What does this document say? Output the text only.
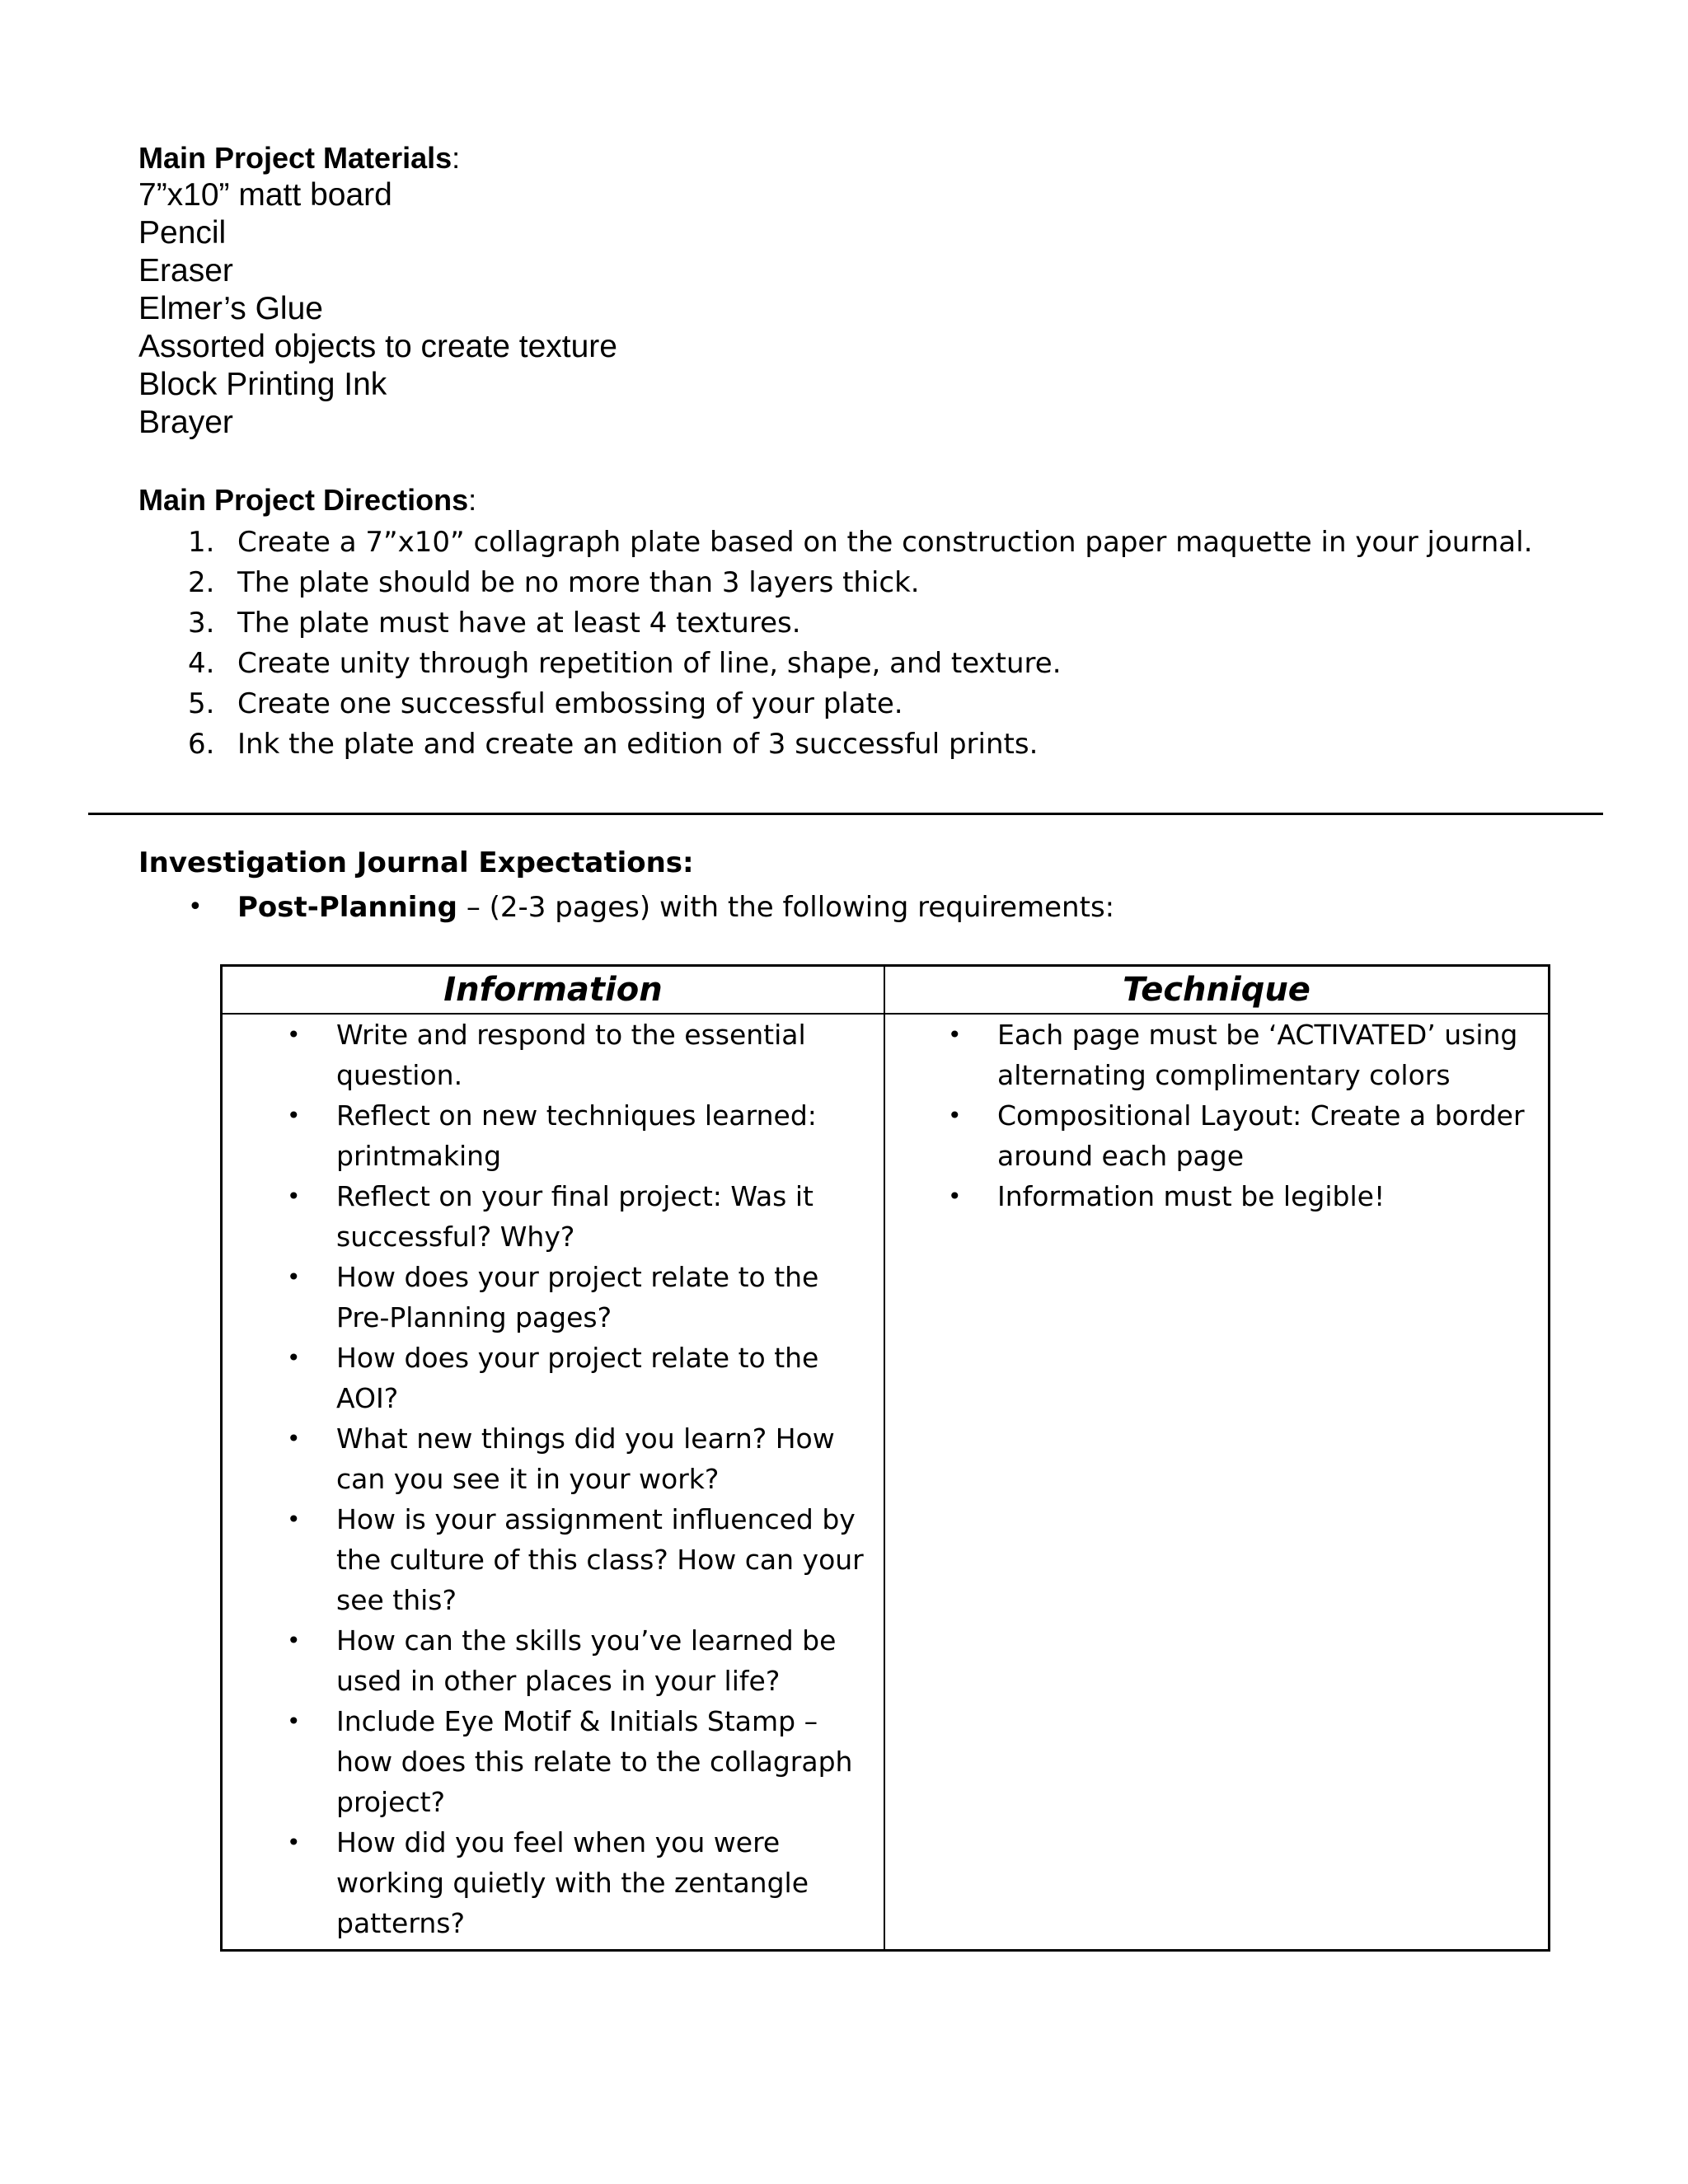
Main Project Materials:
7”x10” matt board
Pencil
Eraser
Elmer’s Glue
Assorted objects to create texture
Block Printing Ink
Brayer
Main Project Directions:
1. Create a 7”x10” collagraph plate based on the construction paper maquette in your journal.
2. The plate should be no more than 3 layers thick.
3. The plate must have at least 4 textures.
4. Create unity through repetition of line, shape, and texture.
5. Create one successful embossing of your plate.
6. Ink the plate and create an edition of 3 successful prints.
Investigation Journal Expectations:
• Post-Planning – (2-3 pages) with the following requirements:
Information	Technique
• Write and respond to the essential question.
• Reflect on new techniques learned: printmaking
• Reflect on your final project: Was it successful? Why?
• How does your project relate to the Pre-Planning pages?
• How does your project relate to the AOI?
• What new things did you learn? How can you see it in your work?
• How is your assignment influenced by the culture of this class? How can your see this?
• How can the skills you’ve learned be used in other places in your life?
• Include Eye Motif & Initials Stamp – how does this relate to the collagraph project?
• How did you feel when you were working quietly with the zentangle patterns?
• Each page must be ‘ACTIVATED’ using alternating complimentary colors
• Compositional Layout: Create a border around each page
• Information must be legible!
